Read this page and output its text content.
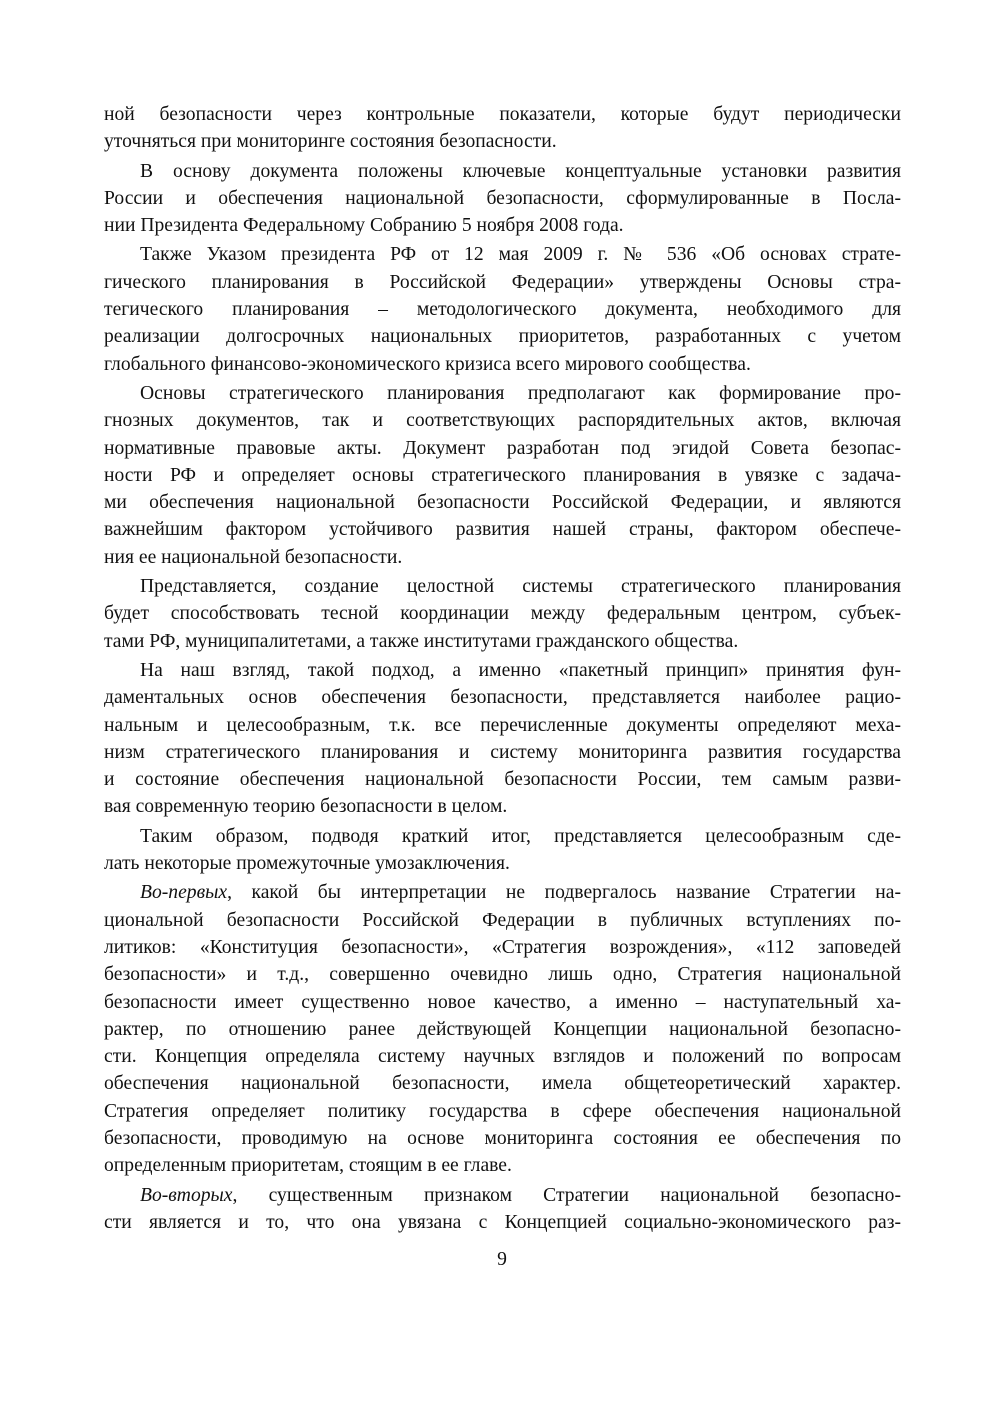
ной безопасности через контрольные показатели, которые будут периодически
уточняться при мониторинге состояния безопасности.
В основу документа положены ключевые концептуальные установки развития
России и обеспечения национальной безопасности, сформулированные в Посла-
нии Президента Федеральному Собранию 5 ноября 2008 года.
Также Указом президента РФ от 12 мая 2009 г. № 536 «Об основах страте-
гического планирования в Российской Федерации» утверждены Основы стра-
тегического планирования – методологического документа, необходимого для
реализации долгосрочных национальных приоритетов, разработанных с учетом
глобального финансово-экономического кризиса всего мирового сообщества.
Основы стратегического планирования предполагают как формирование про-
гнозных документов, так и соответствующих распорядительных актов, включая
нормативные правовые акты. Документ разработан под эгидой Совета безопас-
ности РФ и определяет основы стратегического планирования в увязке с задача-
ми обеспечения национальной безопасности Российской Федерации, и являются
важнейшим фактором устойчивого развития нашей страны, фактором обеспече-
ния ее национальной безопасности.
Представляется, создание целостной системы стратегического планирования
будет способствовать тесной координации между федеральным центром, субъек-
тами РФ, муниципалитетами, а также институтами гражданского общества.
На наш взгляд, такой подход, а именно «пакетный принцип» принятия фун-
даментальных основ обеспечения безопасности, представляется наиболее рацио-
нальным и целесообразным, т.к. все перечисленные документы определяют меха-
низм стратегического планирования и систему мониторинга развития государства
и состояние обеспечения национальной безопасности России, тем самым разви-
вая современную теорию безопасности в целом.
Таким образом, подводя краткий итог, представляется целесообразным сде-
лать некоторые промежуточные умозаключения.
Во-первых, какой бы интерпретации не подвергалось название Стратегии на-
циональной безопасности Российской Федерации в публичных вступлениях по-
литиков: «Конституция безопасности», «Стратегия возрождения», «112 заповедей
безопасности» и т.д., совершенно очевидно лишь одно, Стратегия национальной
безопасности имеет существенно новое качество, а именно – наступательный ха-
рактер, по отношению ранее действующей Концепции национальной безопасно-
сти. Концепция определяла систему научных взглядов и положений по вопросам
обеспечения национальной безопасности, имела общетеоретический характер.
Стратегия определяет политику государства в сфере обеспечения национальной
безопасности, проводимую на основе мониторинга состояния ее обеспечения по
определенным приоритетам, стоящим в ее главе.
Во-вторых, существенным признаком Стратегии национальной безопасно-
сти является и то, что она увязана с Концепцией социально-экономического раз-
9
